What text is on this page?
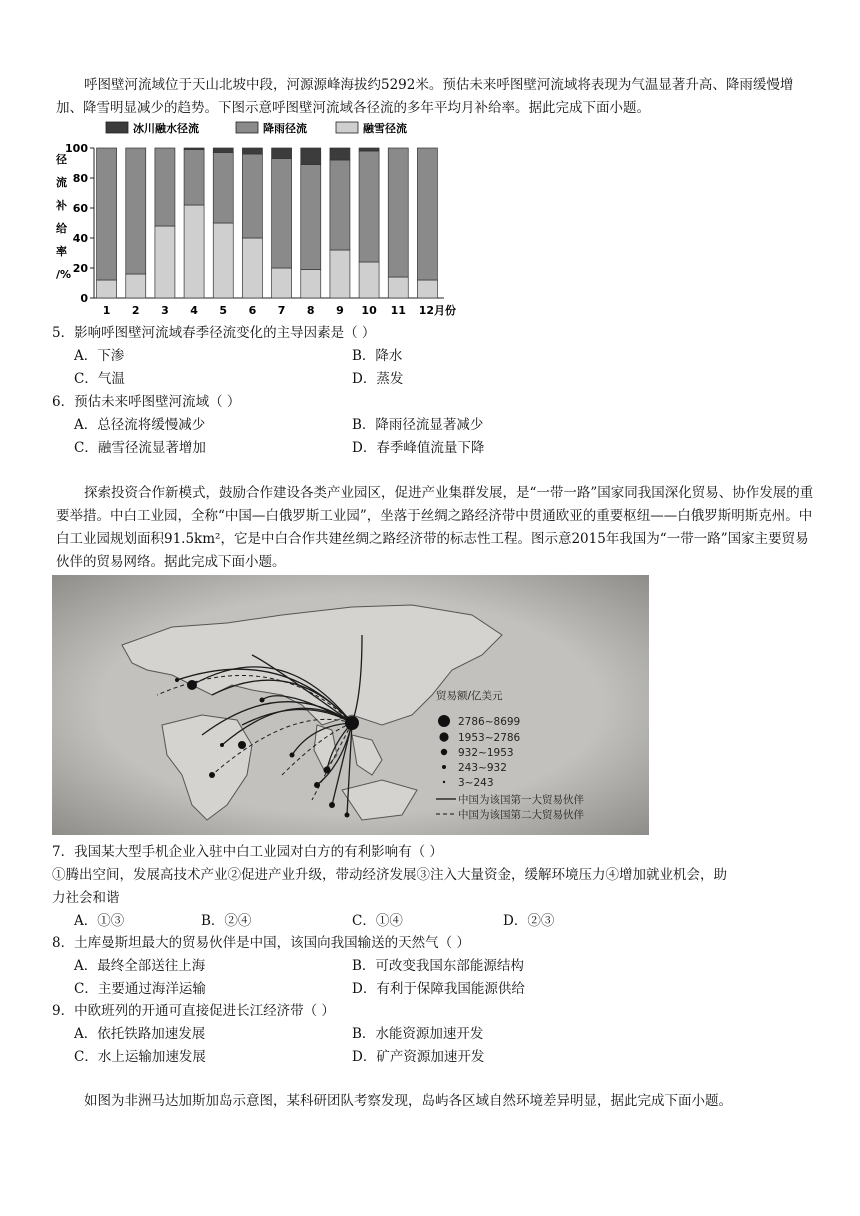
呼图壁河流域位于天山北坡中段，河源源峰海拔约5292米。预估未来呼图壁河流域将表现为气温显著升高、降雨缓慢增加、降雪明显减少的趋势。下图示意呼图壁河流域各径流的多年平均月补给率。据此完成下面小题。

冰川融水径流	降雨径流	融雪径流
径
流
补
给
率
/%
0
20
40
60
80
100
1 2 3 4 5 6 7 8 9 10 11 12月份

5．影响呼图壁河流域春季径流变化的主导因素是（ ）

A．下渗	B．降水

C．气温	D．蒸发

6．预估未来呼图壁河流域（ ）

A．总径流将缓慢减少	B．降雨径流显著减少

C．融雪径流显著增加	D．春季峰值流量下降

探索投资合作新模式，鼓励合作建设各类产业园区，促进产业集群发展，是“一带一路”国家同我国深化贸易、协作发展的重要举措。中白工业园，全称“中国—白俄罗斯工业园”，坐落于丝绸之路经济带中贯通欧亚的重要枢纽——白俄罗斯明斯克州。中白工业园规划面积91.5km²，它是中白合作共建丝绸之路经济带的标志性工程。图示意2015年我国为“一带一路”国家主要贸易伙伴的贸易网络。据此完成下面小题。

贸易额/亿美元
2786~8699
1953~2786
932~1953
243~932
3~243
中国为该国第一大贸易伙伴
中国为该国第二大贸易伙伴

7．我国某大型手机企业入驻中白工业园对白方的有利影响有（ ）

①腾出空间，发展高技术产业②促进产业升级，带动经济发展③注入大量资金，缓解环境压力④增加就业机会，助

力社会和谐

A．①③	B．②④	C．①④	D．②③

8．土库曼斯坦最大的贸易伙伴是中国，该国向我国输送的天然气（ ）

A．最终全部送往上海	B．可改变我国东部能源结构

C．主要通过海洋运输	D．有利于保障我国能源供给

9．中欧班列的开通可直接促进长江经济带（ ）

A．依托铁路加速发展	B．水能资源加速开发

C．水上运输加速发展	D．矿产资源加速开发

如图为非洲马达加斯加岛示意图，某科研团队考察发现，岛屿各区域自然环境差异明显，据此完成下面小题。
